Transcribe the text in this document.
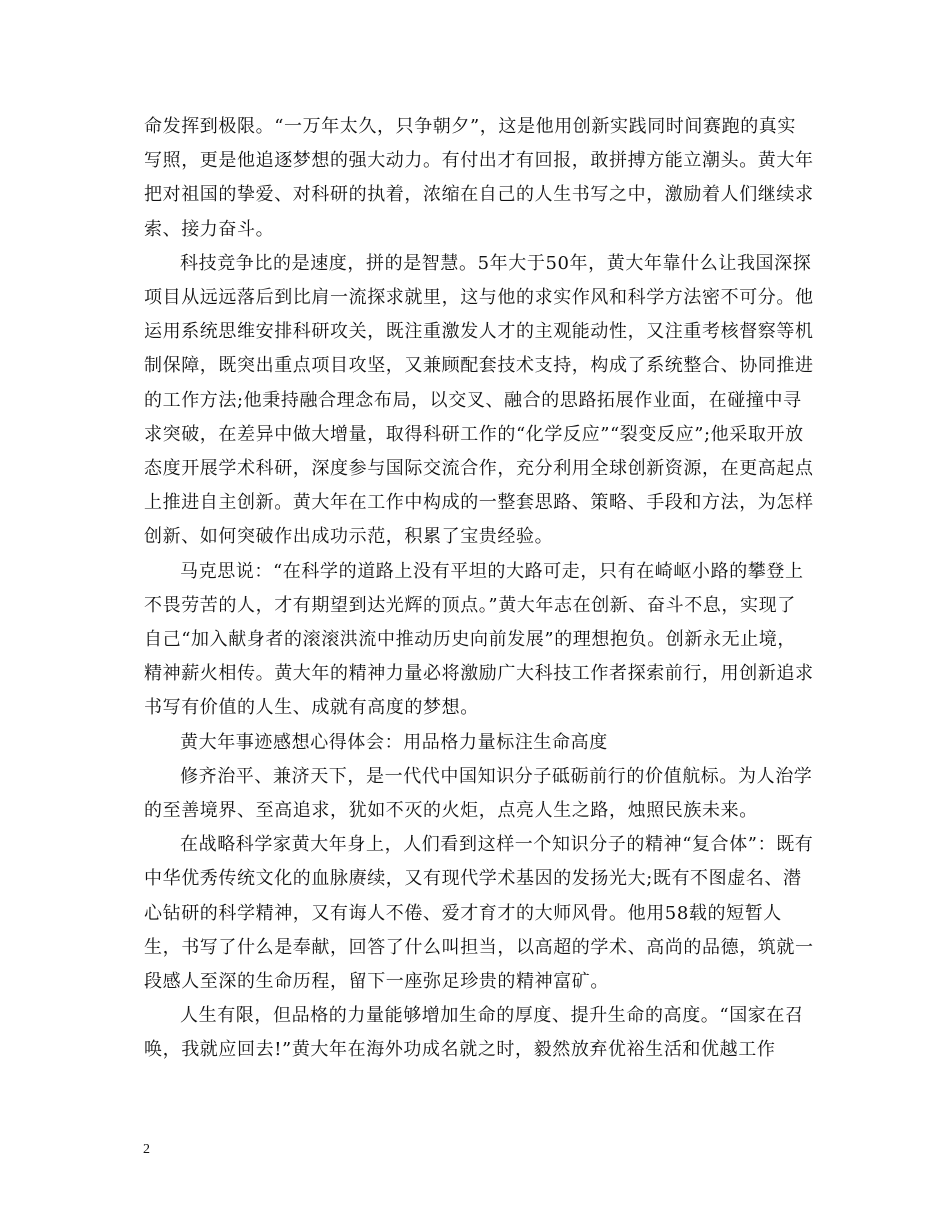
命发挥到极限。“一万年太久，只争朝夕”，这是他用创新实践同时间赛跑的真实写照，更是他追逐梦想的强大动力。有付出才有回报，敢拼搏方能立潮头。黄大年把对祖国的挚爱、对科研的执着，浓缩在自己的人生书写之中，激励着人们继续求索、接力奋斗。

科技竞争比的是速度，拼的是智慧。5年大于50年，黄大年靠什么让我国深探项目从远远落后到比肩一流探求就里，这与他的求实作风和科学方法密不可分。他运用系统思维安排科研攻关，既注重激发人才的主观能动性，又注重考核督察等机制保障，既突出重点项目攻坚，又兼顾配套技术支持，构成了系统整合、协同推进的工作方法;他秉持融合理念布局，以交叉、融合的思路拓展作业面，在碰撞中寻求突破，在差异中做大增量，取得科研工作的“化学反应”“裂变反应”;他采取开放态度开展学术科研，深度参与国际交流合作，充分利用全球创新资源，在更高起点上推进自主创新。黄大年在工作中构成的一整套思路、策略、手段和方法，为怎样创新、如何突破作出成功示范，积累了宝贵经验。

马克思说：“在科学的道路上没有平坦的大路可走，只有在崎岖小路的攀登上不畏劳苦的人，才有期望到达光辉的顶点。”黄大年志在创新、奋斗不息，实现了自己“加入献身者的滚滚洪流中推动历史向前发展”的理想抱负。创新永无止境，精神薪火相传。黄大年的精神力量必将激励广大科技工作者探索前行，用创新追求书写有价值的人生、成就有高度的梦想。

黄大年事迹感想心得体会：用品格力量标注生命高度

修齐治平、兼济天下，是一代代中国知识分子砥砺前行的价值航标。为人治学的至善境界、至高追求，犹如不灭的火炬，点亮人生之路，烛照民族未来。

在战略科学家黄大年身上，人们看到这样一个知识分子的精神“复合体”：既有中华优秀传统文化的血脉赓续，又有现代学术基因的发扬光大;既有不图虚名、潜心钻研的科学精神，又有诲人不倦、爱才育才的大师风骨。他用58载的短暂人生，书写了什么是奉献，回答了什么叫担当，以高超的学术、高尚的品德，筑就一段感人至深的生命历程，留下一座弥足珍贵的精神富矿。

人生有限，但品格的力量能够增加生命的厚度、提升生命的高度。“国家在召唤，我就应回去!”黄大年在海外功成名就之时，毅然放弃优裕生活和优越工作

2
